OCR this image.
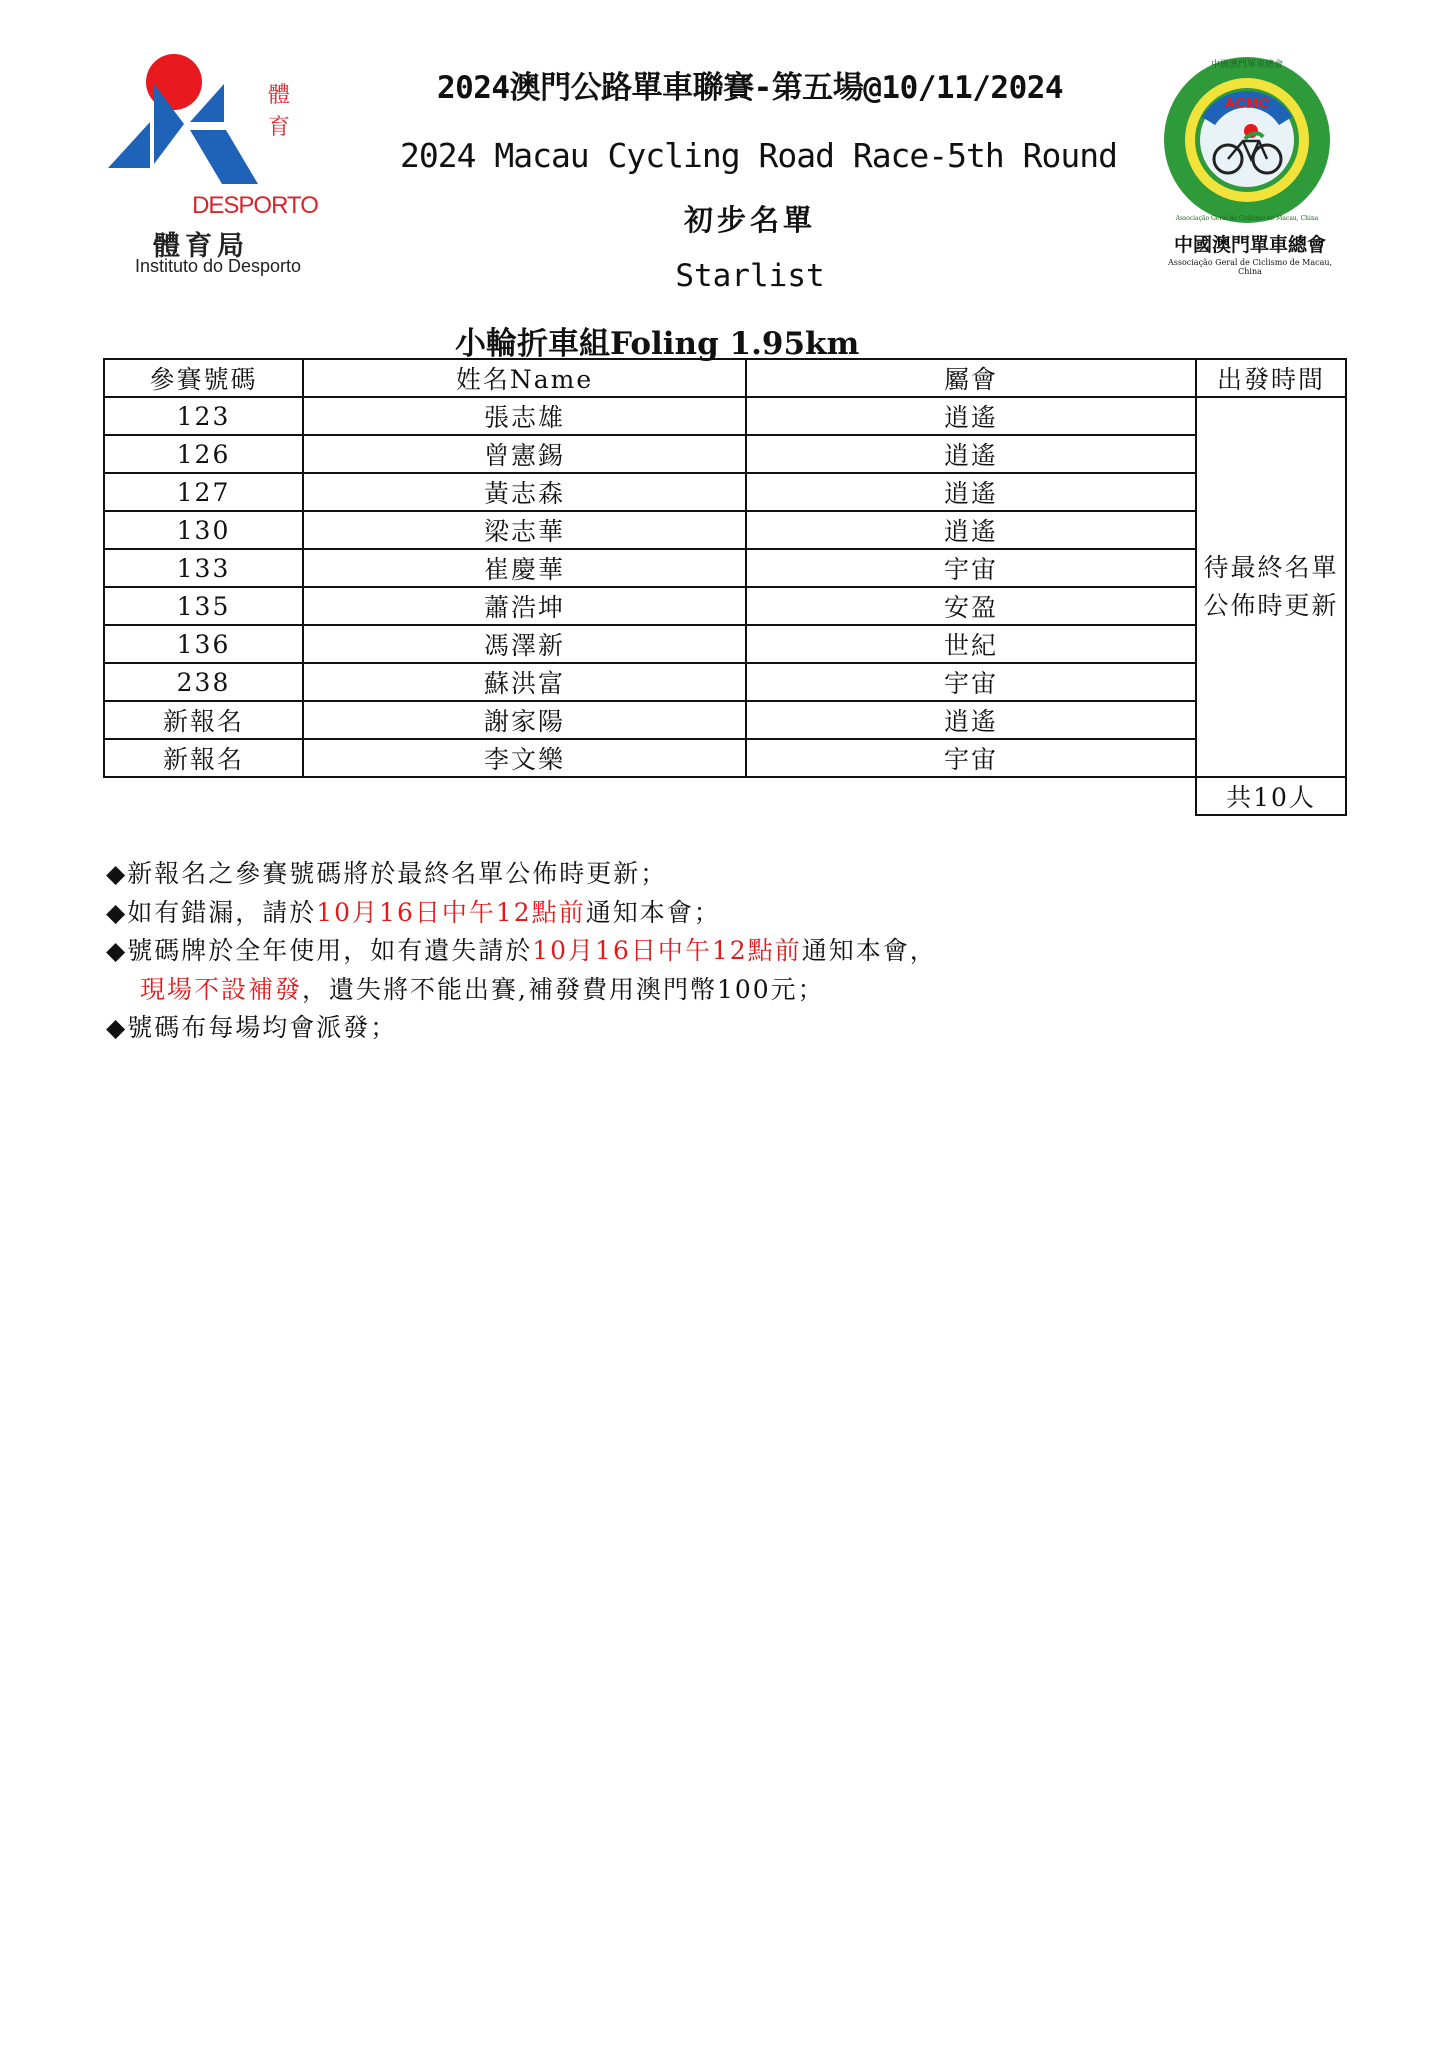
體育
DESPORTO
體育局
Instituto do Desporto
2024澳門公路單車聯賽-第五場@10/11/2024
2024 Macau Cycling Road Race-5th Round
初步名單
Starlist
小輪折車組Foling 1.95km
ACMC
中國澳門單車總會
Associação Geral de Ciclismo de Macau, China
中國澳門單車總會
Associação Geral de Ciclismo de Macau, China
參賽號碼	姓名Name	屬會	出發時間
123	張志雄	逍遙	待最終名單公佈時更新
126	曾憲錫	逍遙	
127	黃志森	逍遙	
130	梁志華	逍遙	
133	崔慶華	宇宙	
135	蕭浩坤	安盈	
136	馮澤新	世紀	
238	蘇洪富	宇宙	
新報名	謝家陽	逍遙	
新報名	李文樂	宇宙	
			共10人
◆新報名之參賽號碼將於最終名單公佈時更新；
◆如有錯漏，請於10月16日中午12點前通知本會；
◆號碼牌於全年使用，如有遺失請於10月16日中午12點前通知本會，
現場不設補發，遺失將不能出賽,補發費用澳門幣100元；
◆號碼布每場均會派發；
